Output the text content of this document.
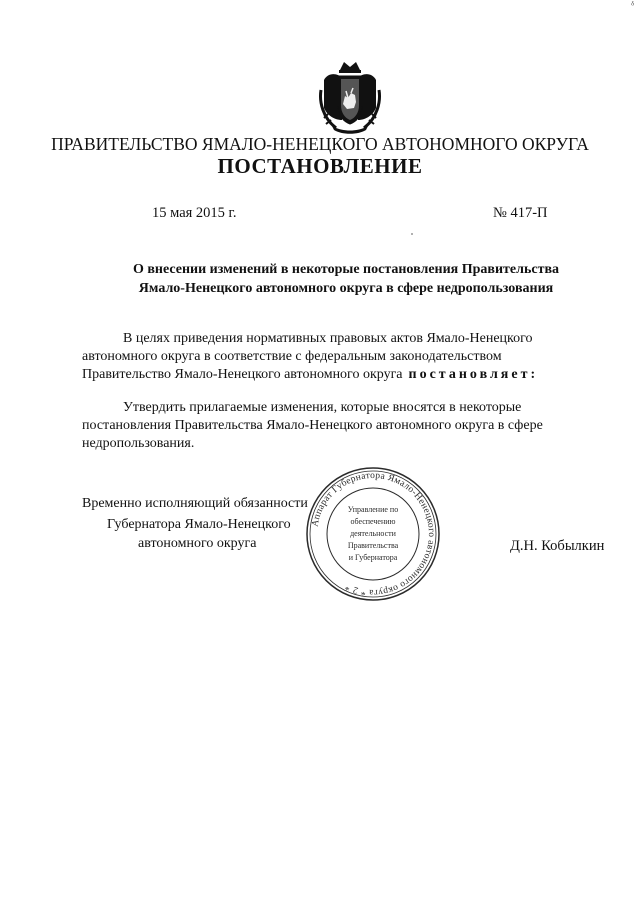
ᵟ
ПРАВИТЕЛЬСТВО ЯМАЛО-НЕНЕЦКОГО АВТОНОМНОГО ОКРУГА
ПОСТАНОВЛЕНИЕ
15 мая 2015 г.	№ 417-П
О внесении изменений в некоторые постановления Правительства
Ямало-Ненецкого автономного округа в сфере недропользования
В целях приведения нормативных правовых актов Ямало-Ненецкого
автономного округа в соответствие с федеральным законодательством
Правительство Ямало-Ненецкого автономного округа постановляет:
Утвердить прилагаемые изменения, которые вносятся в некоторые
постановления Правительства Ямало-Ненецкого автономного округа в сфере
недропользования.
Временно исполняющий обязанности
Губернатора Ямало-Ненецкого
автономного округа	Д.Н. Кобылкин
Аппарат Губернатора Ямало-Ненецкого автономного округа * 2 *
Управление по
обеспечению
деятельности
Правительства
и Губернатора
